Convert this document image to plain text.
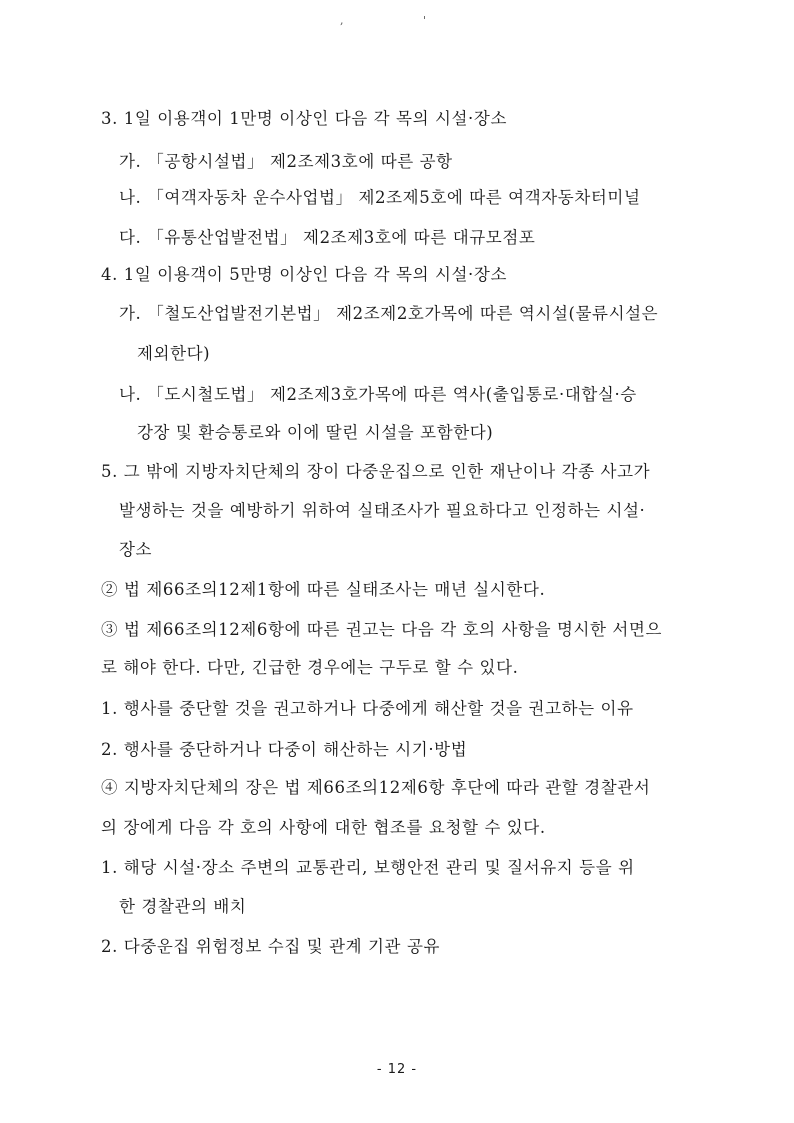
, '
3. 1일 이용객이 1만명 이상인 다음 각 목의 시설·장소
가. 「공항시설법」 제2조제3호에 따른 공항
나. 「여객자동차 운수사업법」 제2조제5호에 따른 여객자동차터미널
다. 「유통산업발전법」 제2조제3호에 따른 대규모점포
4. 1일 이용객이 5만명 이상인 다음 각 목의 시설·장소
가. 「철도산업발전기본법」 제2조제2호가목에 따른 역시설(물류시설은
제외한다)
나. 「도시철도법」 제2조제3호가목에 따른 역사(출입통로·대합실·승
강장 및 환승통로와 이에 딸린 시설을 포함한다)
5. 그 밖에 지방자치단체의 장이 다중운집으로 인한 재난이나 각종 사고가
발생하는 것을 예방하기 위하여 실태조사가 필요하다고 인정하는 시설·
장소
② 법 제66조의12제1항에 따른 실태조사는 매년 실시한다.
③ 법 제66조의12제6항에 따른 권고는 다음 각 호의 사항을 명시한 서면으
로 해야 한다. 다만, 긴급한 경우에는 구두로 할 수 있다.
1. 행사를 중단할 것을 권고하거나 다중에게 해산할 것을 권고하는 이유
2. 행사를 중단하거나 다중이 해산하는 시기·방법
④ 지방자치단체의 장은 법 제66조의12제6항 후단에 따라 관할 경찰관서
의 장에게 다음 각 호의 사항에 대한 협조를 요청할 수 있다.
1. 해당 시설·장소 주변의 교통관리, 보행안전 관리 및 질서유지 등을 위
한 경찰관의 배치
2. 다중운집 위험정보 수집 및 관계 기관 공유
- 12 -
